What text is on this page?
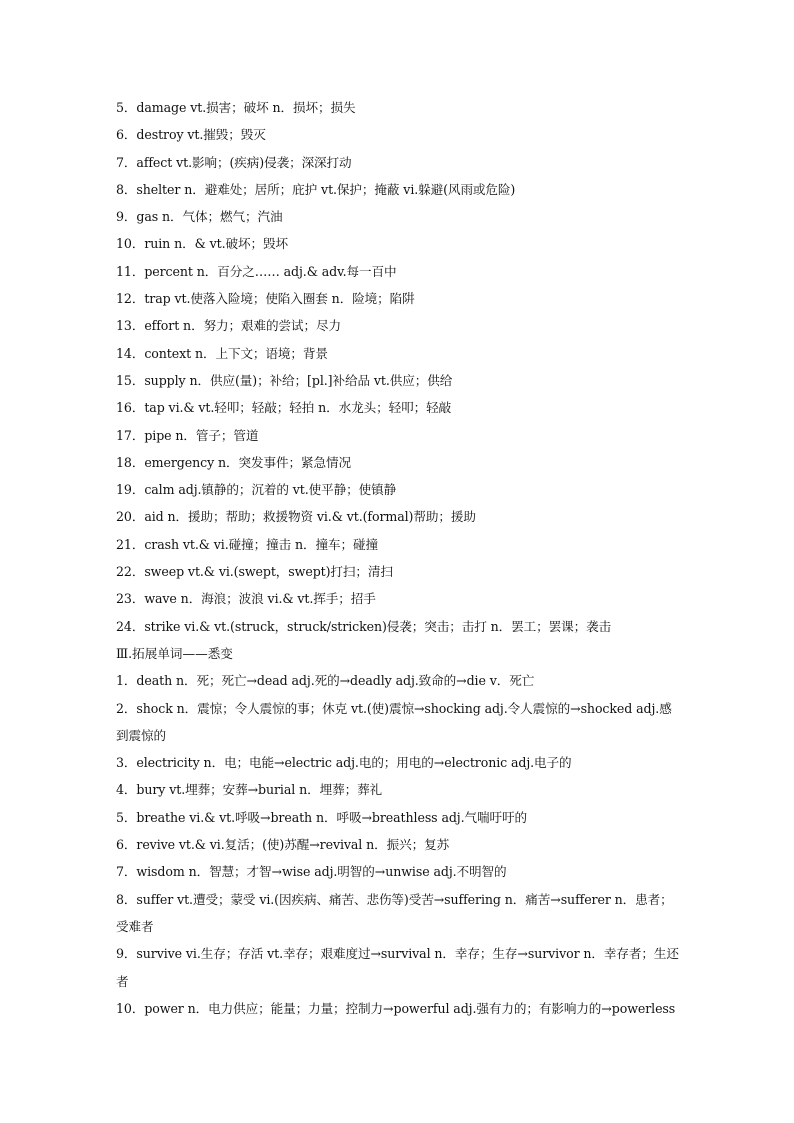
5．damage vt.损害；破坏 n．损坏；损失
6．destroy vt.摧毁；毁灭
7．affect vt.影响；(疾病)侵袭；深深打动
8．shelter n．避难处；居所；庇护 vt.保护；掩蔽 vi.躲避(风雨或危险)
9．gas n．气体；燃气；汽油
10．ruin n．& vt.破坏；毁坏
11．percent n．百分之…… adj.& adv.每一百中
12．trap vt.使落入险境；使陷入圈套 n．险境；陷阱
13．effort n．努力；艰难的尝试；尽力
14．context n．上下文；语境；背景
15．supply n．供应(量)；补给；[pl.]补给品 vt.供应；供给
16．tap vi.& vt.轻叩；轻敲；轻拍 n．水龙头；轻叩；轻敲
17．pipe n．管子；管道
18．emergency n．突发事件；紧急情况
19．calm adj.镇静的；沉着的 vt.使平静；使镇静
20．aid n．援助；帮助；救援物资 vi.& vt.(formal)帮助；援助
21．crash vt.& vi.碰撞；撞击 n．撞车；碰撞
22．sweep vt.& vi.(swept，swept)打扫；清扫
23．wave n．海浪；波浪 vi.& vt.挥手；招手
24．strike vi.& vt.(struck，struck/stricken)侵袭；突击；击打 n．罢工；罢课；袭击
Ⅲ.拓展单词——悉变
1．death n．死；死亡→dead adj.死的→deadly adj.致命的→die v．死亡
2．shock n．震惊；令人震惊的事；休克 vt.(使)震惊→shocking adj.令人震惊的→shocked adj.感到震惊的
3．electricity n．电；电能→electric adj.电的；用电的→electronic adj.电子的
4．bury vt.埋葬；安葬→burial n．埋葬；葬礼
5．breathe vi.& vt.呼吸→breath n．呼吸→breathless adj.气喘吁吁的
6．revive vt.& vi.复活；(使)苏醒→revival n．振兴；复苏
7．wisdom n．智慧；才智→wise adj.明智的→unwise adj.不明智的
8．suffer vt.遭受；蒙受 vi.(因疾病、痛苦、悲伤等)受苦→suffering n．痛苦→sufferer n．患者；受难者
9．survive vi.生存；存活 vt.幸存；艰难度过→survival n．幸存；生存→survivor n．幸存者；生还者
10．power n．电力供应；能量；力量；控制力→powerful adj.强有力的；有影响力的→powerless
